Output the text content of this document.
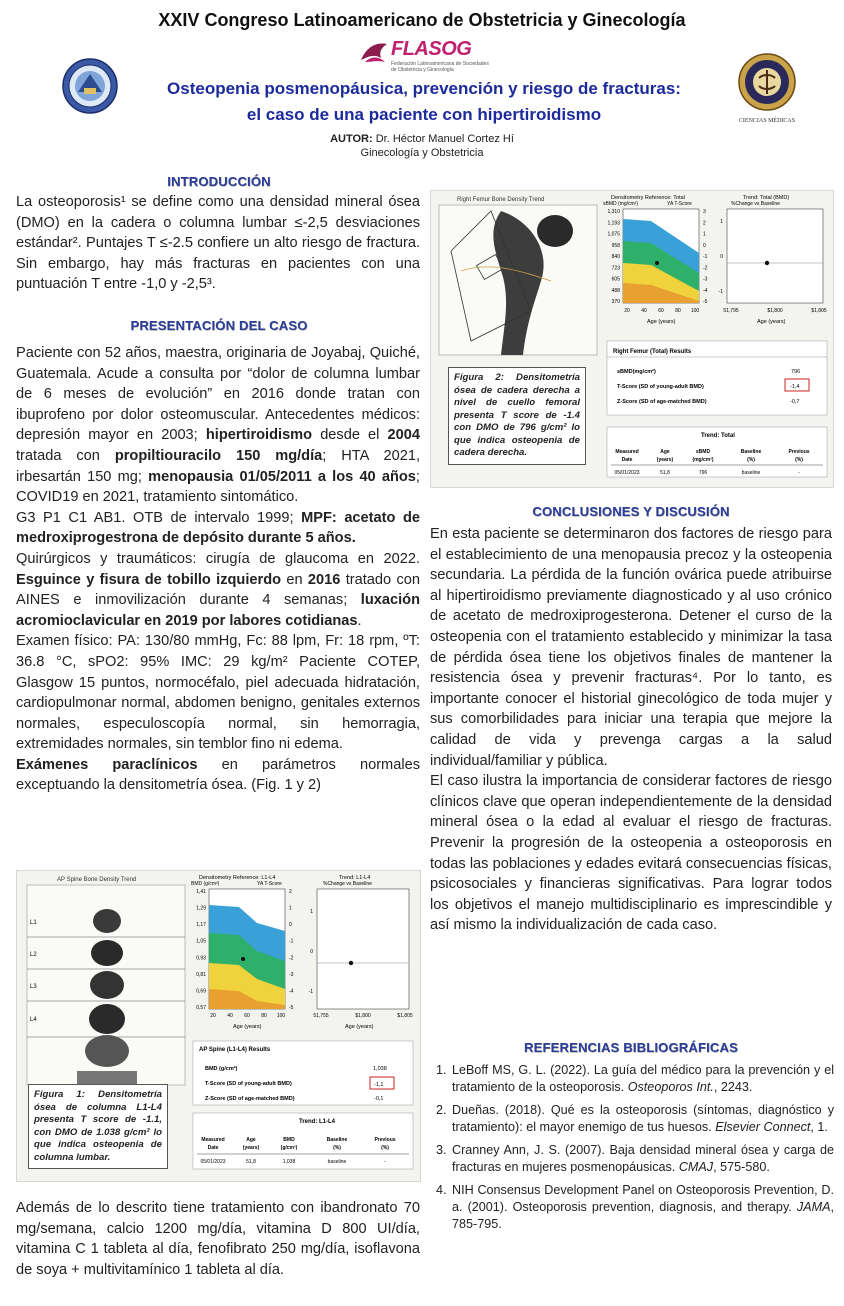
XXIV Congreso Latinoamericano de Obstetricia y Ginecología
FLASOG
Federación Latinoamericana de Sociedades de Obstetricia y Ginecología
CIENCIAS MÉDICAS
Osteopenia posmenopáusica, prevención y riesgo de fracturas:
el caso de una paciente con hipertiroidismo
AUTOR: Dr. Héctor Manuel Cortez Hí
Ginecología y Obstetricia
INTRODUCCIÓN

La osteoporosis¹ se define como una densidad mineral ósea (DMO) en la cadera o columna lumbar ≤-2,5 desviaciones estándar². Puntajes T ≤-2.5 confiere un alto riesgo de fractura. Sin embargo, hay más fracturas en pacientes con una puntuación T entre -1,0 y -2,5³.

PRESENTACIÓN DEL CASO

Paciente con 52 años, maestra, originaria de Joyabaj, Quiché, Guatemala. Acude a consulta por “dolor de columna lumbar de 6 meses de evolución” en 2016 donde tratan con ibuprofeno por dolor osteomuscular. Antecedentes médicos: depresión mayor en 2003; hipertiroidismo desde el 2004 tratada con propiltiouracilo 150 mg/día; HTA 2021, irbesartán 150 mg; menopausia 01/05/2011 a los 40 años; COVID19 en 2021, tratamiento sintomático.

G3 P1 C1 AB1. OTB de intervalo 1999; MPF: acetato de medroxiprogestrona de depósito durante 5 años.

Quirúrgicos y traumáticos: cirugía de glaucoma en 2022. Esguince y fisura de tobillo izquierdo en 2016 tratado con AINES e inmovilización durante 4 semanas; luxación acromioclavicular en 2019 por labores cotidianas.

Examen físico: PA: 130/80 mmHg, Fc: 88 lpm, Fr: 18 rpm, ºT: 36.8 °C, sPO2: 95% IMC: 29 kg/m² Paciente COTEP, Glasgow 15 puntos, normocéfalo, piel adecuada hidratación, cardiopulmonar normal, abdomen benigno, genitales externos normales, especuloscopía normal, sin hemorragia, extremidades normales, sin temblor fino ni edema.

Exámenes paraclínicos en parámetros normales exceptuando la densitometría ósea. (Fig. 1 y 2)

AP Spine Bone Density Trend
L1
L2
L3
L4
Densitometry Reference: L1-L4
BMD (g/cm²)	YA T-Score
1,41
1,29
1,17
1,05
0,93
0,81
0,69
0,57
2
1
0
-1
-2
-3
-4
-5
20 40 60 80 100
Age (years)
Trend: L1-L4
%Change vs Baseline
51,755	$1,800	$1,805
1
0
-1
Age (years)
AP Spine (L1-L4) Results
BMD (g/cm²)	1,038
T-Score (SD of young-adult BMD)	-1,1
Z-Score (SD of age-matched BMD)	-0,1
Trend: L1-L4
Measured	Age	BMD	Baseline	Previous
Date	(years)	(g/cm²)	(%)	(%)
05/01/2023	51,8	1,038	baseline	-
Figura 1: Densitometría ósea de columna L1-L4 presenta T score de -1.1, con DMO de 1.038 g/cm² lo que indica osteopenia de columna lumbar.

Además de lo descrito tiene tratamiento con ibandronato 70 mg/semana, calcio 1200 mg/día, vitamina D 800 UI/día, vitamina C 1 tableta al día, fenofibrato 250 mg/día, isoflavona de soya + multivitamínico 1 tableta al día.

Right Femur Bone Density Trend	Densitometry Reference: Total
sBMD (mg/cm²)	YA T-Score
1,310
1,193
1,075
958
840
723
605
488
370
3
2
1
0
-1
-2
-3
-4
-5
20 40 60 80 100
Age (years)
Trend: Total (BMD)
%Change vs Baseline
51,795	$1,800	$1,805
1
0
-1
Age (years)
Right Femur (Total) Results
sBMD(mg/cm²)	796
T-Score (SD of young-adult BMD)	-1,4
Z-Score (SD of age-matched BMD)	-0,7
Trend: Total
Measured	Age	sBMD	Baseline	Previous
Date	(years)	(mg/cm²)	(%)	(%)
05/01/2023	51,8	796	baseline	-
Figura 2: Densitometría ósea de cadera derecha a nivel de cuello femoral presenta T score de -1.4 con DMO de 796 g/cm² lo que indica osteopenia de cadera derecha.
CONCLUSIONES Y DISCUSIÓN

En esta paciente se determinaron dos factores de riesgo para el establecimiento de una menopausia precoz y la osteopenia secundaria. La pérdida de la función ovárica puede atribuirse al hipertiroidismo previamente diagnosticado y al uso crónico de acetato de medroxiprogesterona. Detener el curso de la osteopenia con el tratamiento establecido y minimizar la tasa de pérdida ósea tiene los objetivos finales de mantener la resistencia ósea y prevenir fracturas⁴. Por lo tanto, es importante conocer el historial ginecológico de toda mujer y sus comorbilidades para iniciar una terapia que mejore la calidad de vida y prevenga cargas a la salud individual/familiar y pública.

El caso ilustra la importancia de considerar factores de riesgo clínicos clave que operan independientemente de la densidad mineral ósea o la edad al evaluar el riesgo de fracturas. Prevenir la progresión de la osteopenia a osteoporosis en todas las poblaciones y edades evitará consecuencias físicas, psicosociales y financieras significativas. Para lograr todos los objetivos el manejo multidisciplinario es imprescindible y así mismo la individualización de cada caso.

REFERENCIAS BIBLIOGRÁFICAS
1. LeBoff MS, G. L. (2022). La guía del médico para la prevención y el tratamiento de la osteoporosis. Osteoporos Int., 2243.
2. Dueñas. (2018). Qué es la osteoporosis (síntomas, diagnóstico y tratamiento): el mayor enemigo de tus huesos. Elsevier Connect, 1.
3. Cranney Ann, J. S. (2007). Baja densidad mineral ósea y carga de fracturas en mujeres posmenopáusicas. CMAJ, 575-580.
4. NIH Consensus Development Panel on Osteoporosis Prevention, D. a. (2001). Osteoporosis prevention, diagnosis, and therapy. JAMA, 785-795.
